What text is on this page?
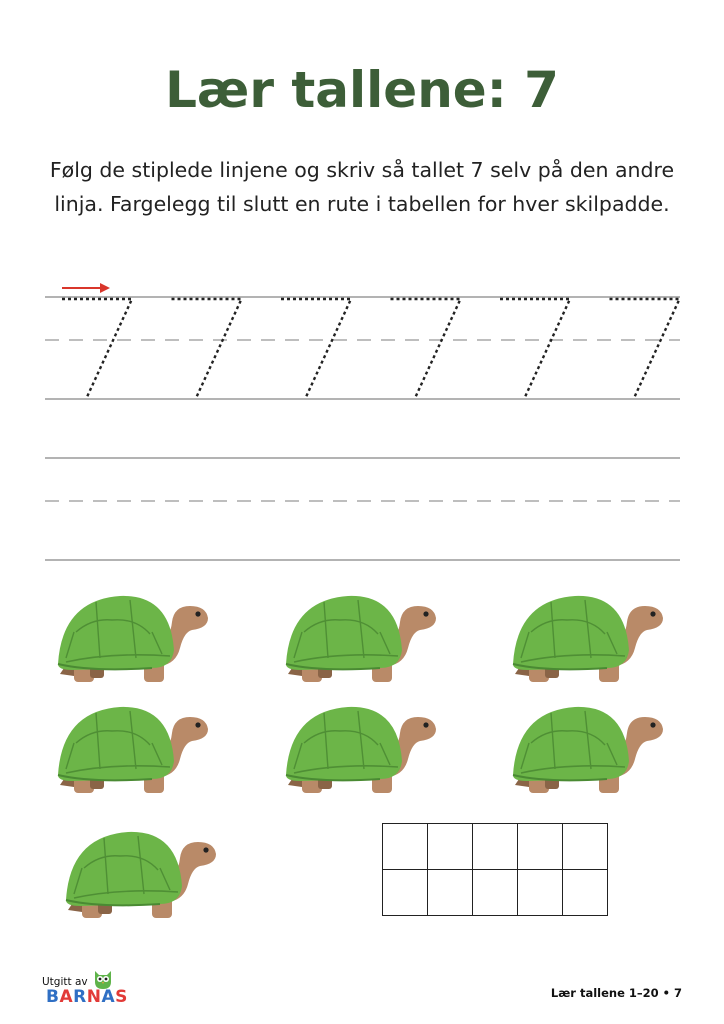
Lær tallene: 7

Følg de stiplede linjene og skriv så tallet 7 selv på den andre linja. Fargelegg til slutt en rute i tabellen for hver skilpadde.

Utgitt av
BARNAS	Lær tallene 1–20 • 7
